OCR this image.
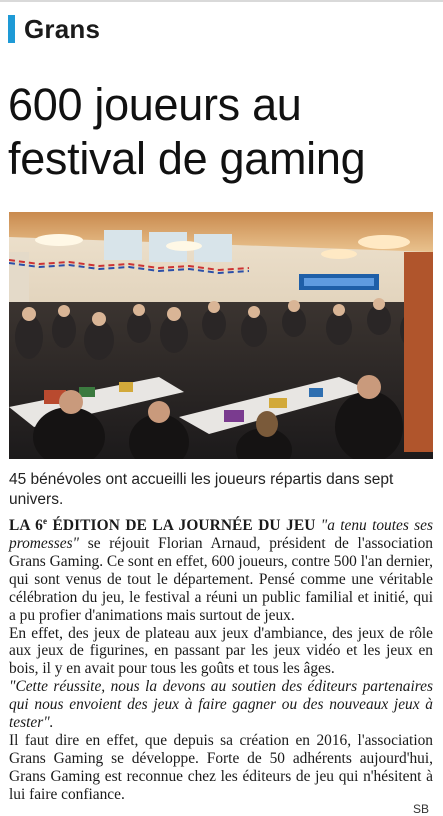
Grans
600 joueurs au
festival de gaming
45 bénévoles ont accueilli les joueurs répartis dans sept univers.

LA 6e ÉDITION DE LA JOURNÉE DU JEU "a tenu toutes ses promesses" se réjouit Florian Arnaud, président de l'association Grans Gaming. Ce sont en effet, 600 joueurs, contre 500 l'an dernier, qui sont venus de tout le département. Pensé comme une véritable célébration du jeu, le festival a réuni un public familial et initié, qui a pu profier d'animations mais surtout de jeux.

En effet, des jeux de plateau aux jeux d'ambiance, des jeux de rôle aux jeux de figurines, en passant par les jeux vidéo et les jeux en bois, il y en avait pour tous les goûts et tous les âges.

"Cette réussite, nous la devons au soutien des éditeurs partenaires qui nous envoient des jeux à faire gagner ou des nouveaux jeux à tester".

Il faut dire en effet, que depuis sa création en 2016, l'association Grans Gaming se développe. Forte de 50 adhérents aujourd'hui, Grans Gaming est reconnue chez les éditeurs de jeu qui n'hésitent à lui faire confiance.

SB
